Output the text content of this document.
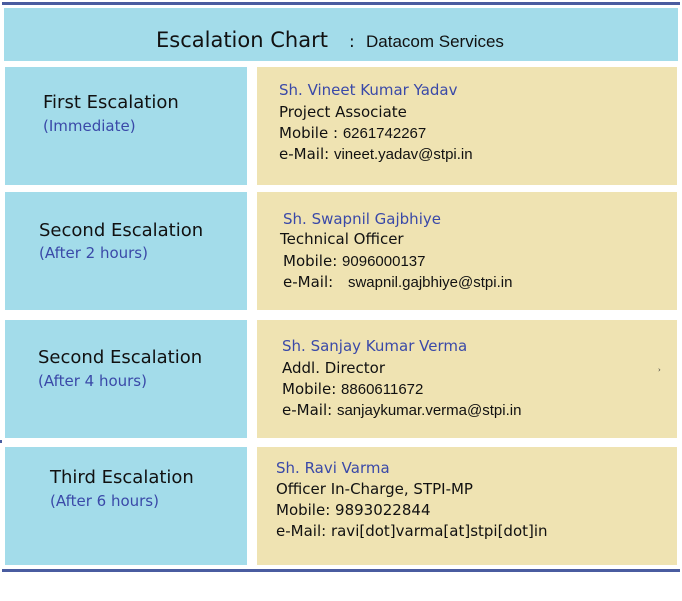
Escalation Chart : Datacom Services
First Escalation
(Immediate)
Sh. Vineet Kumar Yadav
Project Associate
Mobile : 6261742267
e-Mail: vineet.yadav@stpi.in
Second Escalation
(After 2 hours)
Sh. Swapnil Gajbhiye
Technical Officer
Mobile: 9096000137
e-Mail: swapnil.gajbhiye@stpi.in
Second Escalation
(After 4 hours)
Sh. Sanjay Kumar Verma
Addl. Director
Mobile: 8860611672
e-Mail: sanjaykumar.verma@stpi.in
Third Escalation
(After 6 hours)
Sh. Ravi Varma
Officer In-Charge, STPI-MP
Mobile: 9893022844
e-Mail: ravi[dot]varma[at]stpi[dot]in
›
